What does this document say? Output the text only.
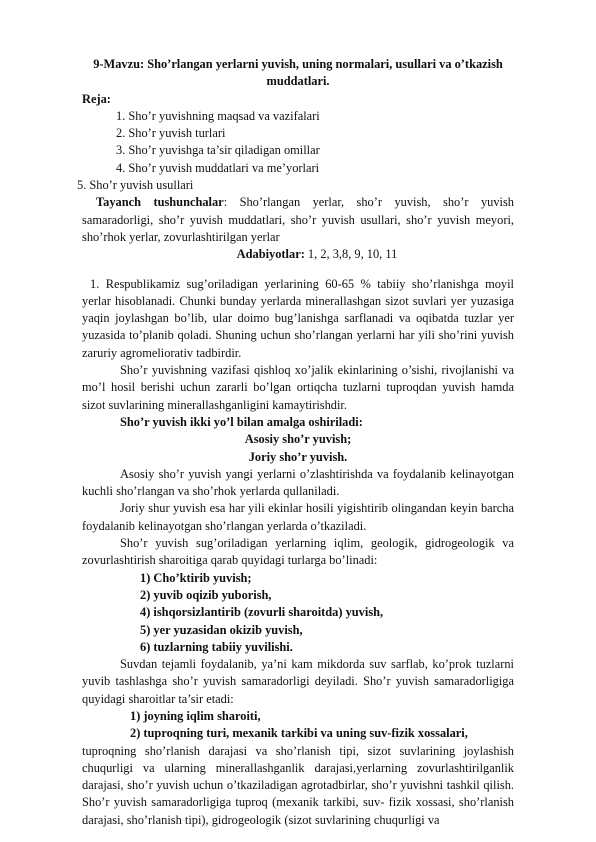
9-Mavzu: Sho’rlangan yerlarni yuvish, uning normalari, usullari va o’tkazish
muddatlari.

Reja:
1. Sho’r yuvishning maqsad va vazifalari
2. Sho’r yuvish turlari
3. Sho’r yuvishga ta’sir qiladigan omillar
4. Sho’r yuvish muddatlari va me’yorlari
5. Sho’r yuvish usullari

Tayanch tushunchalar: Sho’rlangan yerlar, sho’r yuvish, sho’r yuvish samaradorligi, sho’r yuvish muddatlari, sho’r yuvish usullari, sho’r yuvish meyori, sho’rhok yerlar, zovurlashtirilgan yerlar

Adabiyotlar: 1, 2, 3,8, 9, 10, 11

1. Respublikamiz sug’oriladigan yerlarining 60-65 % tabiiy sho’rlanishga moyil yerlar hisoblanadi. Chunki bunday yerlarda minerallashgan sizot suvlari yer yuzasiga yaqin joylashgan bo’lib, ular doimo bug’lanishga sarflanadi va oqibatda tuzlar yer yuzasida to’planib qoladi. Shuning uchun sho’rlangan yerlarni har yili sho’rini yuvish zaruriy agromeliorativ tadbirdir.

Sho’r yuvishning vazifasi qishloq xo’jalik ekinlarining o’sishi, rivojlanishi va mo’l hosil berishi uchun zararli bo’lgan ortiqcha tuzlarni tuproqdan yuvish hamda sizot suvlarining minerallashganligini kamaytirishdir.

Sho’r yuvish ikki yo’l bilan amalga oshiriladi:

Asosiy sho’r yuvish;

Joriy sho’r yuvish.

Asosiy sho’r yuvish yangi yerlarni o’zlashtirishda va foydalanib kelinayotgan kuchli sho’rlangan va sho’rhok yerlarda qullaniladi.

Joriy shur yuvish esa har yili ekinlar hosili yigishtirib olingandan keyin barcha foydalanib kelinayotgan sho’rlangan yerlarda o’tkaziladi.

Sho’r yuvish sug’oriladigan yerlarning iqlim, geologik, gidrogeologik va zovurlashtirish sharoitiga qarab quyidagi turlarga bo’linadi:

1) Cho’ktirib yuvish;
2) yuvib oqizib yuborish,
4) ishqorsizlantirib (zovurli sharoitda) yuvish,
5) yer yuzasidan okizib yuvish,
6) tuzlarning tabiiy yuvilishi.

Suvdan tejamli foydalanib, ya’ni kam mikdorda suv sarflab, ko’prok tuzlarni yuvib tashlashga sho’r yuvish samaradorligi deyiladi. Sho’r yuvish samaradorligiga quyidagi sharoitlar ta’sir etadi:

1) joyning iqlim sharoiti,
2) tuproqning turi, mexanik tarkibi va uning suv-fizik xossalari,

tuproqning sho’rlanish darajasi va sho’rlanish tipi, sizot suvlarining joylashish chuqurligi va ularning minerallashganlik darajasi,yerlarning zovurlashtirilganlik darajasi, sho’r yuvish uchun o’tkaziladigan agrotadbirlar, sho’r yuvishni tashkil qilish. Sho’r yuvish samaradorligiga tuproq (mexanik tarkibi, suv- fizik xossasi, sho’rlanish darajasi, sho’rlanish tipi), gidrogeologik (sizot suvlarining chuqurligi va
